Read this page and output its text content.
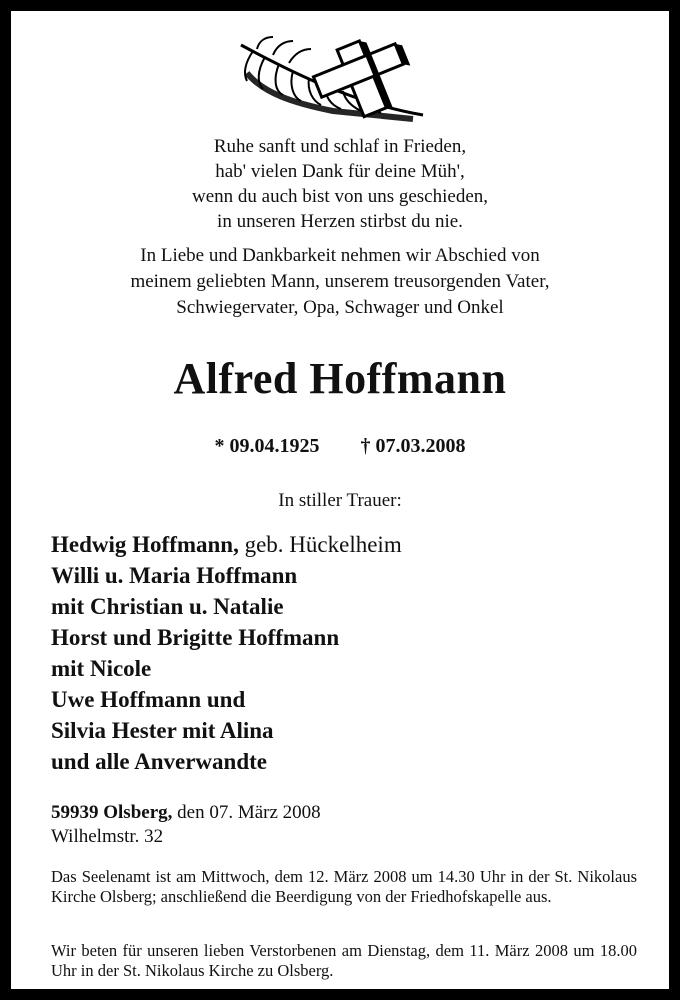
Ruhe sanft und schlaf in Frieden,
hab' vielen Dank für deine Müh',
wenn du auch bist von uns geschieden,
in unseren Herzen stirbst du nie.
In Liebe und Dankbarkeit nehmen wir Abschied von
meinem geliebten Mann, unserem treusorgenden Vater,
Schwiegervater, Opa, Schwager und Onkel
Alfred Hoffmann
* 09.04.1925 † 07.03.2008
In stiller Trauer:
Hedwig Hoffmann, geb. Hückelheim
Willi u. Maria Hoffmann
mit Christian u. Natalie
Horst und Brigitte Hoffmann
mit Nicole
Uwe Hoffmann und
Silvia Hester mit Alina
und alle Anverwandte
59939 Olsberg, den 07. März 2008
Wilhelmstr. 32
Das Seelenamt ist am Mittwoch, dem 12. März 2008 um 14.30 Uhr in der St. Nikolaus Kirche Olsberg; anschließend die Beerdigung von der Friedhofskapelle aus.
Wir beten für unseren lieben Verstorbenen am Dienstag, dem 11. März 2008 um 18.00 Uhr in der St. Nikolaus Kirche zu Olsberg.
